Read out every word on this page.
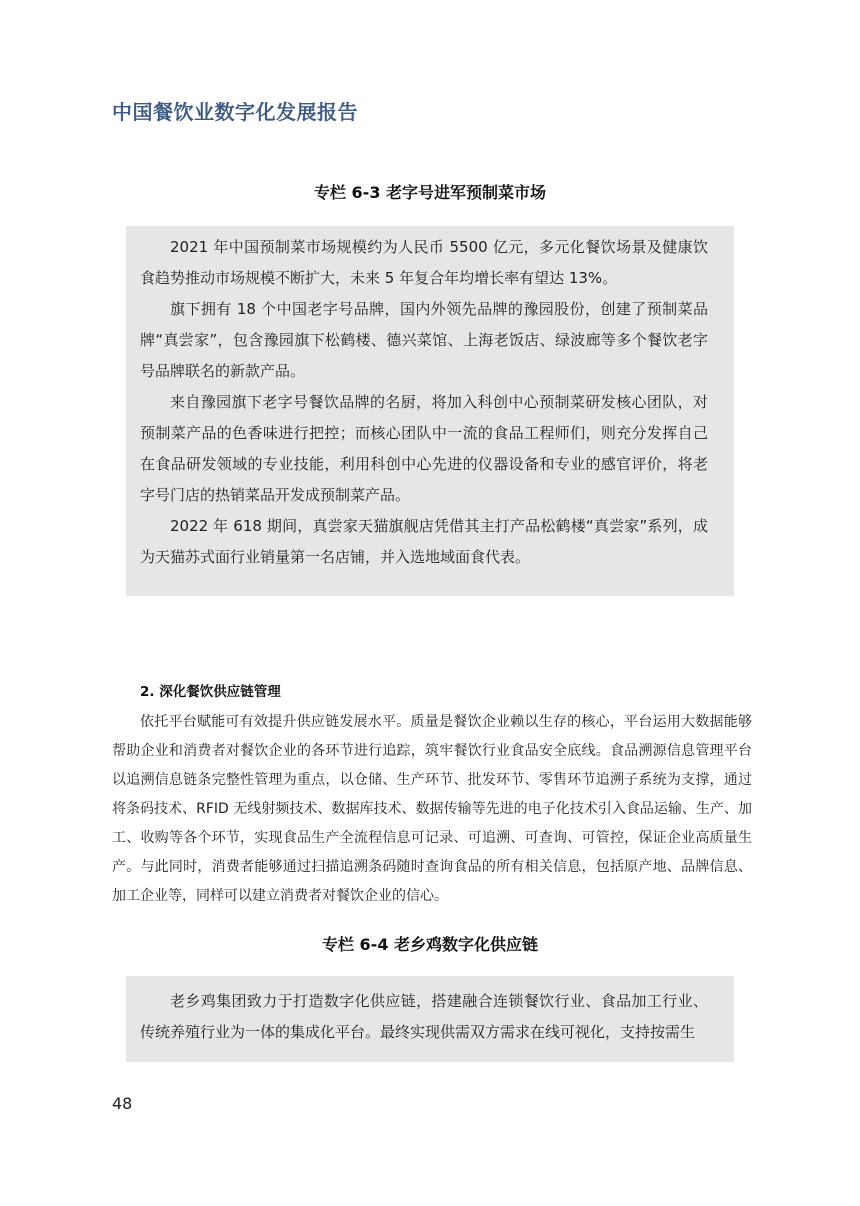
中国餐饮业数字化发展报告
专栏 6-3 老字号进军预制菜市场

2021 年中国预制菜市场规模约为人民币 5500 亿元，多元化餐饮场景及健康饮食趋势推动市场规模不断扩大，未来 5 年复合年均增长率有望达 13%。

旗下拥有 18 个中国老字号品牌，国内外领先品牌的豫园股份，创建了预制菜品牌“真尝家”，包含豫园旗下松鹤楼、德兴菜馆、上海老饭店、绿波廊等多个餐饮老字号品牌联名的新款产品。

来自豫园旗下老字号餐饮品牌的名厨，将加入科创中心预制菜研发核心团队，对预制菜产品的色香味进行把控；而核心团队中一流的食品工程师们，则充分发挥自己在食品研发领域的专业技能，利用科创中心先进的仪器设备和专业的感官评价，将老字号门店的热销菜品开发成预制菜产品。

2022 年 618 期间，真尝家天猫旗舰店凭借其主打产品松鹤楼“真尝家”系列，成为天猫苏式面行业销量第一名店铺，并入选地域面食代表。

2. 深化餐饮供应链管理

依托平台赋能可有效提升供应链发展水平。质量是餐饮企业赖以生存的核心，平台运用大数据能够帮助企业和消费者对餐饮企业的各环节进行追踪，筑牢餐饮行业食品安全底线。食品溯源信息管理平台以追溯信息链条完整性管理为重点，以仓储、生产环节、批发环节、零售环节追溯子系统为支撑，通过将条码技术、RFID 无线射频技术、数据库技术、数据传输等先进的电子化技术引入食品运输、生产、加工、收购等各个环节，实现食品生产全流程信息可记录、可追溯、可查询、可管控，保证企业高质量生产。与此同时，消费者能够通过扫描追溯条码随时查询食品的所有相关信息，包括原产地、品牌信息、加工企业等，同样可以建立消费者对餐饮企业的信心。

专栏 6-4 老乡鸡数字化供应链

老乡鸡集团致力于打造数字化供应链，搭建融合连锁餐饮行业、食品加工行业、传统养殖行业为一体的集成化平台。最终实现供需双方需求在线可视化，支持按需生

48
